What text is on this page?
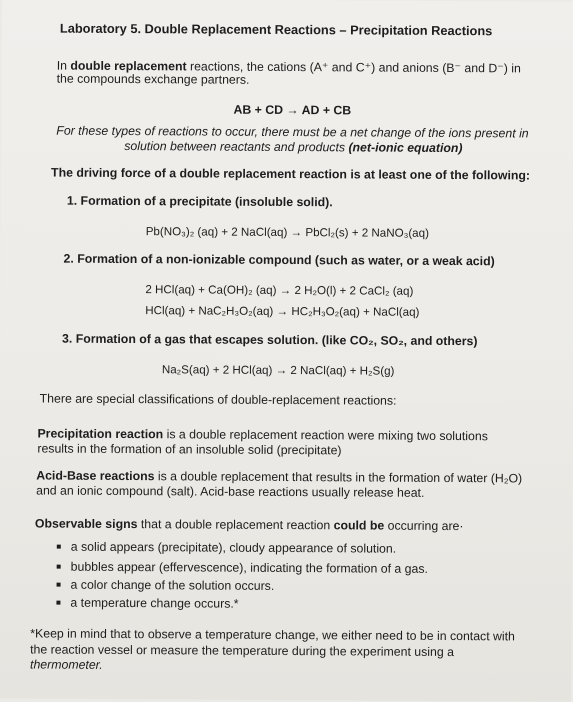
Laboratory 5. Double Replacement Reactions – Precipitation Reactions
In double replacement reactions, the cations (A⁺ and C⁺) and anions (B⁻ and D⁻) in
the compounds exchange partners.
AB + CD → AD + CB
For these types of reactions to occur, there must be a net change of the ions present in
solution between reactants and products (net-ionic equation)
The driving force of a double replacement reaction is at least one of the following:
1. Formation of a precipitate (insoluble solid).
Pb(NO₃)₂ (aq) + 2 NaCl(aq) → PbCl₂(s) + 2 NaNO₃(aq)
2. Formation of a non-ionizable compound (such as water, or a weak acid)
2 HCl(aq) + Ca(OH)₂ (aq) → 2 H₂O(l) + 2 CaCl₂ (aq)
HCl(aq) + NaC₂H₃O₂(aq) → HC₂H₃O₂(aq) + NaCl(aq)
3. Formation of a gas that escapes solution. (like CO₂, SO₂, and others)
Na₂S(aq) + 2 HCl(aq) → 2 NaCl(aq) + H₂S(g)
There are special classifications of double-replacement reactions:
Precipitation reaction is a double replacement reaction were mixing two solutions
results in the formation of an insoluble solid (precipitate)
Acid-Base reactions is a double replacement that results in the formation of water (H₂O)
and an ionic compound (salt). Acid-base reactions usually release heat.
Observable signs that a double replacement reaction could be occurring are·
a solid appears (precipitate), cloudy appearance of solution.
bubbles appear (effervescence), indicating the formation of a gas.
a color change of the solution occurs.
a temperature change occurs.*
*Keep in mind that to observe a temperature change, we either need to be in contact with
the reaction vessel or measure the temperature during the experiment using a
thermometer.
